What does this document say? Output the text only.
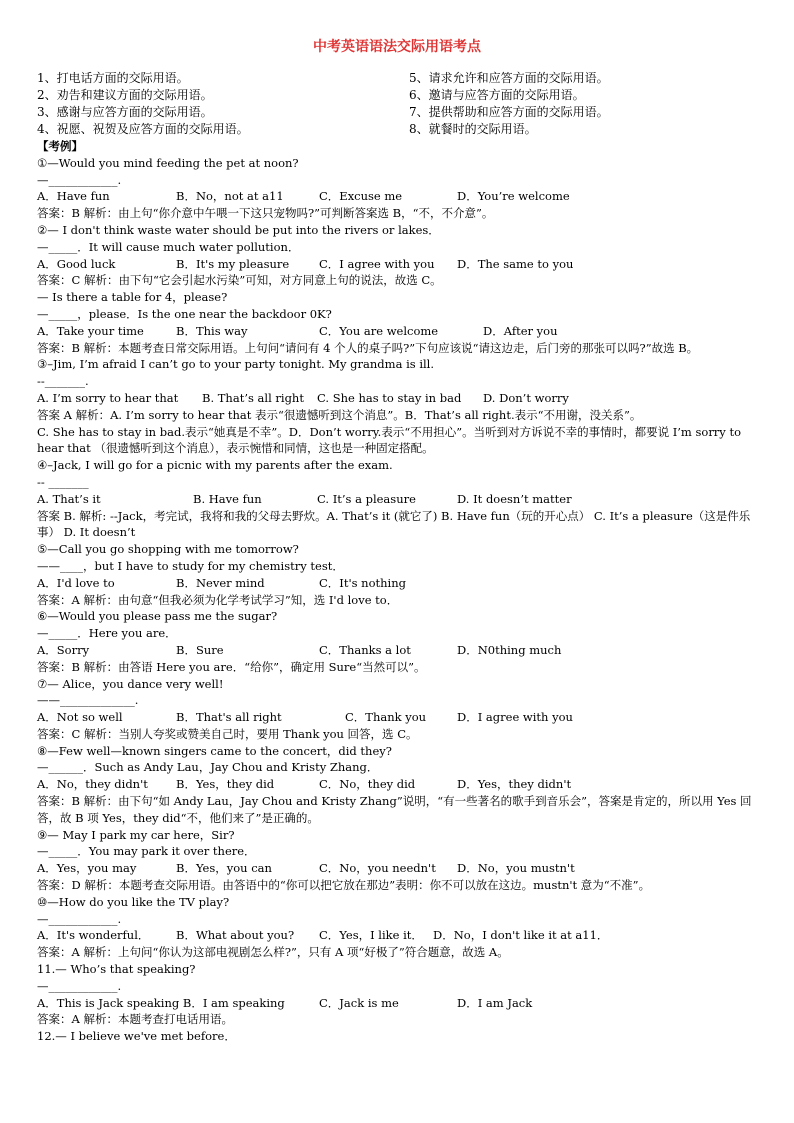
中考英语语法交际用语考点
1、打电话方面的交际用语。	5、请求允许和应答方面的交际用语。
2、劝告和建议方面的交际用语。	6、邀请与应答方面的交际用语。
3、感谢与应答方面的交际用语。	7、提供帮助和应答方面的交际用语。
4、祝愿、祝贺及应答方面的交际用语。	8、就餐时的交际用语。
【考例】
①—Would you mind feeding the pet at noon?
—____________.
A．Have fun	B．No，not at a11	C．Excuse me	D．You’re welcome
答案：B 解析：由上句“你介意中午喂一下这只宠物吗?”可判断答案选 B，“不，不介意”。
②— I don't think waste water should be put into the rivers or lakes．
—_____．It will cause much water pollution．
A．Good luck	B．It's my pleasure	C．I agree with you D．The same to you
答案：C 解析：由下句“它会引起水污染”可知，对方同意上句的说法，故选 C。
— Is there a table for 4，please?
—_____，please．Is the one near the backdoor 0K?
A．Take your time	B．This way	C．You are welcome	D．After you
答案：B 解析：本题考查日常交际用语。上句问“请问有 4 个人的桌子吗?”下句应该说“请这边走，后门旁的那张可以吗?”故选 B。
③–Jim, I’m afraid I can’t go to your party tonight. My grandma is ill.
--_______.
A. I’m sorry to hear that B. That’s all right C. She has to stay in bad D. Don’t worry
答案 A 解析：A. I’m sorry to hear that 表示“很遗憾听到这个消息”。B．That’s all right.表示“不用谢，没关系”。
C. She has to stay in bad.表示“她真是不幸”。D．Don’t worry.表示“不用担心”。当听到对方诉说不幸的事情时，都要说 I’m sorry to hear that （很遗憾听到这个消息），表示惋惜和同情，这也是一种固定搭配。
④–Jack, I will go for a picnic with my parents after the exam.
-- _______
A. That’s it	B. Have fun	C. It’s a pleasure	D. It doesn’t matter
答案 B. 解析: --Jack，考完试，我将和我的父母去野炊。A. That’s it (就它了) B. Have fun（玩的开心点） C. It’s a pleasure（这是件乐事） D. It doesn’t
⑤—Call you go shopping with me tomorrow?
——____，but I have to study for my chemistry test．
A．I'd love to	B．Never mind	C．It's nothing
答案：A 解析：由句意“但我必须为化学考试学习”知，选 I'd love to．
⑥—Would you please pass me the sugar?
—_____．Here you are．
A．Sorry	B．Sure	C．Thanks a lot	D．N0thing much
答案：B 解析：由答语 Here you are．“给你”，确定用 Sure“当然可以”。
⑦— Alice，you dance very well!
——_____________.
A．Not so well	B．That's all right	C．Thank you	D．I agree with you
答案：C 解析：当别人夸奖或赞美自己时，要用 Thank you 回答，选 C。
⑧—Few well—known singers came to the concert，did they?
—______．Such as Andy Lau，Jay Chou and Kristy Zhang．
A．No，they didn't B．Yes，they did	C．No，they did	D．Yes，they didn't
答案：B 解析：由下句“如 Andy Lau，Jay Chou and Kristy Zhang”说明，“有一些著名的歌手到音乐会”，答案是肯定的，所以用 Yes 回答，故 B 项 Yes，they did“不，他们来了”是正确的。
⑨— May I park my car here，Sir?
—_____．You may park it over there．
A．Yes，you may	B．Yes，you can	C．No，you needn't D．No，you mustn't
答案：D 解析：本题考查交际用语。由答语中的“你可以把它放在那边”表明：你不可以放在这边。mustn't 意为“不准”。
⑩—How do you like the TV play?
—____________.
A．It's wonderful． B．What about you? C．Yes，I like it． D．No，I don't like it at a11．
答案：A 解析：上句问“你认为这部电视剧怎么样?”，只有 A 项“好极了”符合题意，故选 A。
11.— Who’s that speaking?
—____________.
A．This is Jack speaking B．I am speaking	C．Jack is me	D．I am Jack
答案：A 解析：本题考查打电话用语。
12.— I believe we've met before．
